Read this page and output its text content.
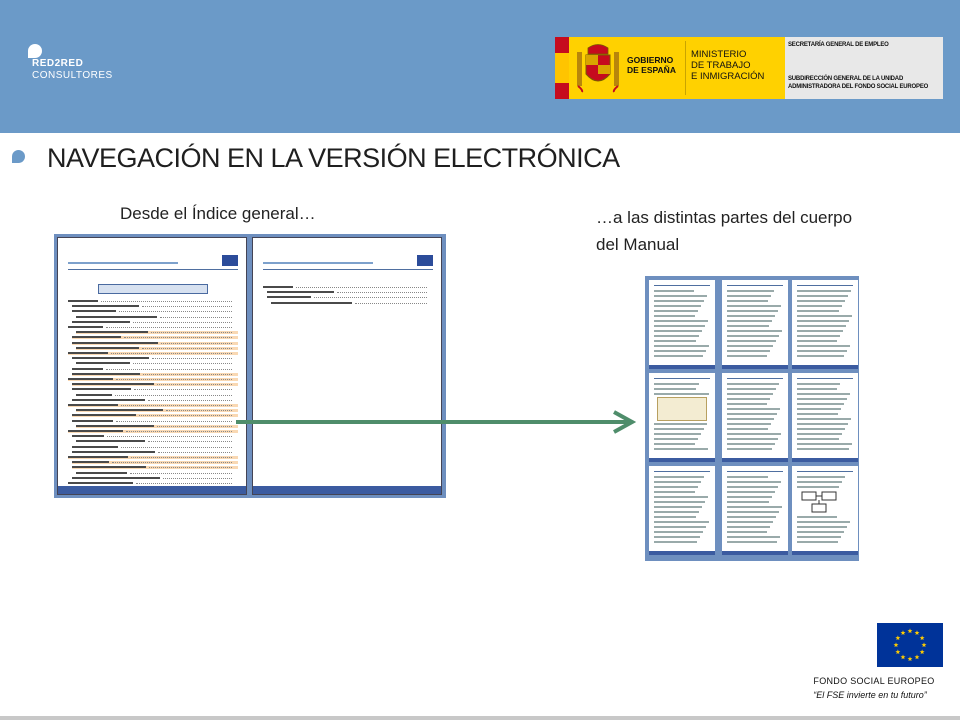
RED2RED
CONSULTORES
GOBIERNO
DE ESPAÑA
MINISTERIO
DE TRABAJO
E INMIGRACIÓN
SECRETARÍA GENERAL DE EMPLEO
SUBDIRECCIÓN GENERAL DE LA UNIDAD
ADMINISTRADORA DEL FONDO SOCIAL EUROPEO
NAVEGACIÓN EN LA VERSIÓN ELECTRÓNICA
Desde el Índice general…	…a las distintas partes del cuerpo del Manual
FONDO SOCIAL EUROPEO
“El FSE invierte en tu futuro”
